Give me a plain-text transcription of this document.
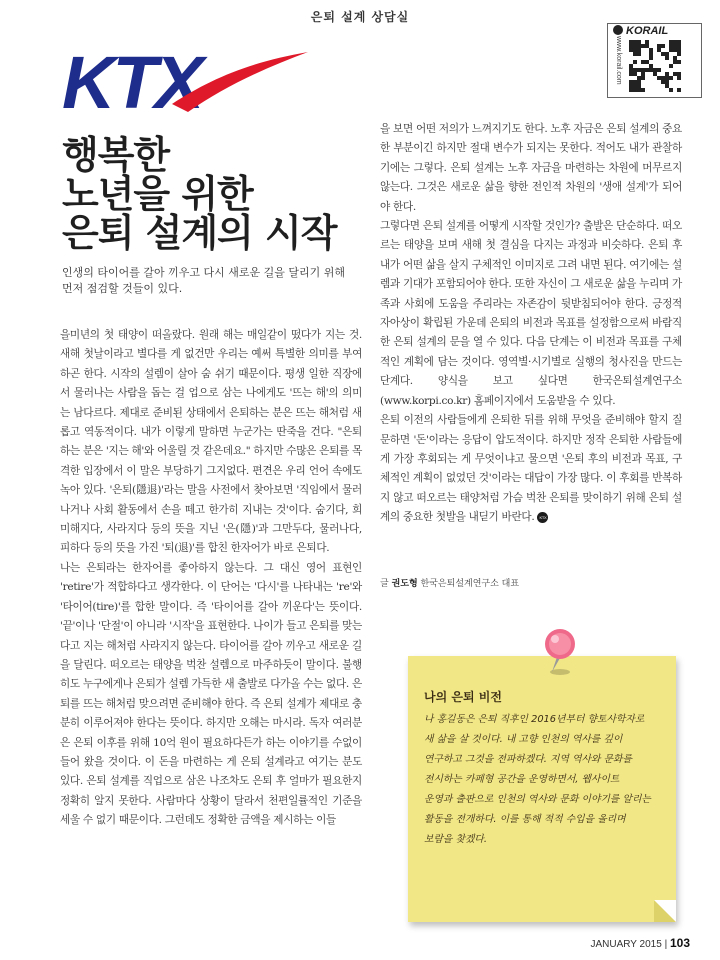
은퇴 설계 상담실
KTX
KORAIL
www.korail.com
행복한
노년을 위한
은퇴 설계의 시작
인생의 타이어를 갈아 끼우고 다시 새로운 길을 달리기 위해
먼저 점검할 것들이 있다.

을미년의 첫 태양이 떠올랐다. 원래 해는 매일같이 떴다가 지는 것. 새해 첫날이라고 별다를 게 없건만 우리는 예써 특별한 의미를 부여하곤 한다. 시작의 설렘이 살아 숨 쉬기 때문이다. 평생 일한 직장에서 물러나는 사람을 돕는 걸 업으로 삼는 나에게도 '뜨는 해'의 의미는 남다르다. 제대로 준비된 상태에서 은퇴하는 분은 뜨는 해처럼 새롭고 역동적이다. 내가 이렇게 말하면 누군가는 딴죽을 건다. "은퇴하는 분은 '지는 해'와 어울릴 것 같은데요." 하지만 수많은 은퇴를 목격한 입장에서 이 말은 부당하기 그지없다. 편견은 우리 언어 속에도 녹아 있다. '은퇴(隱退)'라는 말을 사전에서 찾아보면 '직임에서 물러나거나 사회 활동에서 손을 떼고 한가히 지내는 것'이다. 숨기다, 희미해지다, 사라지다 등의 뜻을 지닌 '은(隱)'과 그만두다, 물러나다, 피하다 등의 뜻을 가진 '퇴(退)'를 합친 한자어가 바로 은퇴다.

나는 은퇴라는 한자어를 좋아하지 않는다. 그 대신 영어 표현인 'retire'가 적합하다고 생각한다. 이 단어는 '다시'를 나타내는 're'와 '타이어(tire)'를 합한 말이다. 즉 '타이어를 갈아 끼운다'는 뜻이다. '끝'이나 '단절'이 아니라 '시작'을 표현한다. 나이가 들고 은퇴를 맞는다고 지는 해처럼 사라지지 않는다. 타이어를 갈아 끼우고 새로운 길을 달린다. 떠오르는 태양을 벅찬 설렘으로 마주하듯이 말이다. 불행히도 누구에게나 은퇴가 설렘 가득한 새 출발로 다가올 수는 없다. 은퇴를 뜨는 해처럼 맞으려면 준비해야 한다. 즉 은퇴 설계가 제대로 충분히 이루어져야 한다는 뜻이다. 하지만 오해는 마시라. 독자 여러분은 은퇴 이후를 위해 10억 원이 필요하다든가 하는 이야기를 수없이 들어 왔을 것이다. 이 돈을 마련하는 게 은퇴 설계라고 여기는 분도 있다. 은퇴 설계를 직업으로 삼은 나조차도 은퇴 후 얼마가 필요한지 정확히 알지 못한다. 사람마다 상황이 달라서 천편일률적인 기준을 세울 수 없기 때문이다. 그런데도 정확한 금액을 제시하는 이들

을 보면 어떤 저의가 느껴지기도 한다. 노후 자금은 은퇴 설계의 중요한 부분이긴 하지만 절대 변수가 되지는 못한다. 적어도 내가 관찰하기에는 그렇다. 은퇴 설계는 노후 자금을 마련하는 차원에 머무르지 않는다. 그것은 새로운 삶을 향한 전인적 차원의 '생애 설계'가 되어야 한다.

그렇다면 은퇴 설계를 어떻게 시작할 것인가? 출발은 단순하다. 떠오르는 태양을 보며 새해 첫 결심을 다지는 과정과 비슷하다. 은퇴 후 내가 어떤 삶을 살지 구체적인 이미지로 그려 내면 된다. 여기에는 설렘과 기대가 포함되어야 한다. 또한 자신이 그 새로운 삶을 누리며 가족과 사회에 도움을 주리라는 자존감이 뒷받침되어야 한다. 긍정적 자아상이 확립된 가운데 은퇴의 비전과 목표를 설정함으로써 바람직한 은퇴 설계의 문을 열 수 있다. 다음 단계는 이 비전과 목표를 구체적인 계획에 담는 것이다. 영역별·시기별로 실행의 청사진을 만드는 단계다. 양식을 보고 싶다면 한국은퇴설계연구소(www.korpi.co.kr) 홈페이지에서 도움받을 수 있다.

은퇴 이전의 사람들에게 은퇴한 뒤를 위해 무엇을 준비해야 할지 질문하면 '돈'이라는 응답이 압도적이다. 하지만 정작 은퇴한 사람들에게 가장 후회되는 게 무엇이냐고 물으면 '은퇴 후의 비전과 목표, 구체적인 계획이 없었던 것'이라는 대답이 가장 많다. 이 후회를 반복하지 않고 떠오르는 태양처럼 가슴 벅찬 은퇴를 맞이하기 위해 은퇴 설계의 중요한 첫발을 내딛기 바란다. KTX

글 권도형 한국은퇴설계연구소 대표
나의 은퇴 비전
나 홍길동은 은퇴 직후인 2016년부터 향토사학자로
새 삶을 살 것이다. 내 고향 인천의 역사를 깊이
연구하고 그것을 전파하겠다. 지역 역사와 문화를
전시하는 카페형 공간을 운영하면서, 웹사이트
운영과 출판으로 인천의 역사와 문화 이야기를 알리는
활동을 전개하다. 이를 통해 적적 수입을 올리며
보람을 찾겠다.
JANUARY 2015 | 103
